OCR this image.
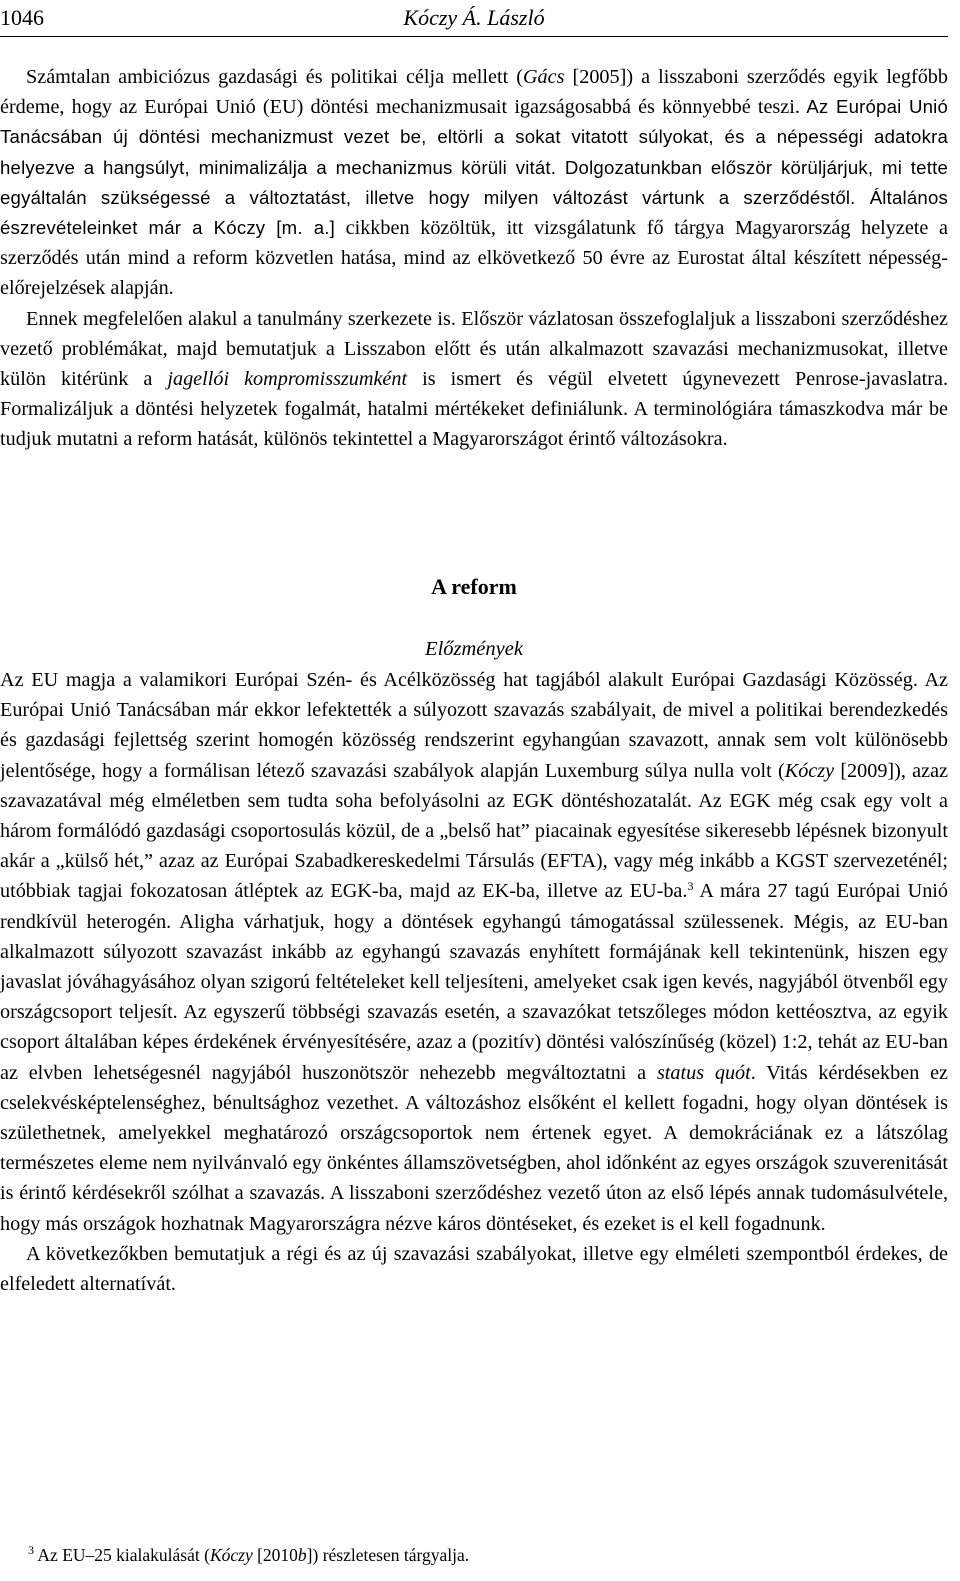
1046	Kóczy Á. László

Számtalan ambiciózus gazdasági és politikai célja mellett (Gács [2005]) a lisszaboni szerződés egyik legfőbb érdeme, hogy az Európai Unió (EU) döntési mechanizmusait igazságosabbá és könnyebbé teszi. Az Európai Unió Tanácsában új döntési mechanizmust vezet be, eltörli a sokat vitatott súlyokat, és a népességi adatokra helyezve a hangsúlyt, minimalizálja a mechanizmus körüli vitát. Dolgozatunkban először körüljárjuk, mi tette egyáltalán szükségessé a változtatást, illetve hogy milyen változást vártunk a szerződéstől. Általános észrevételeinket már a Kóczy [m. a.] cikkben közöltük, itt vizsgálatunk fő tárgya Magyarország helyzete a szerződés után mind a reform közvetlen hatása, mind az elkövetkező 50 évre az Eurostat által készített népesség-előrejelzések alapján.

Ennek megfelelően alakul a tanulmány szerkezete is. Először vázlatosan összefoglaljuk a lisszaboni szerződéshez vezető problémákat, majd bemutatjuk a Lisszabon előtt és után alkalmazott szavazási mechanizmusokat, illetve külön kitérünk a jagellói kompromisszumként is ismert és végül elvetett úgynevezett Penrose-javaslatra. Formalizáljuk a döntési helyzetek fogalmát, hatalmi mértékeket definiálunk. A terminológiára támaszkodva már be tudjuk mutatni a reform hatását, különös tekintettel a Magyarországot érintő változásokra.

A reform
Előzmények

Az EU magja a valamikori Európai Szén- és Acélközösség hat tagjából alakult Európai Gazdasági Közösség. Az Európai Unió Tanácsában már ekkor lefektették a súlyozott szavazás szabályait, de mivel a politikai berendezkedés és gazdasági fejlettség szerint homogén közösség rendszerint egyhangúan szavazott, annak sem volt különösebb jelentősége, hogy a formálisan létező szavazási szabályok alapján Luxemburg súlya nulla volt (Kóczy [2009]), azaz szavazatával még elméletben sem tudta soha befolyásolni az EGK döntéshozatalát. Az EGK még csak egy volt a három formálódó gazdasági csoportosulás közül, de a „belső hat” piacainak egyesítése sikeresebb lépésnek bizonyult akár a „külső hét,” azaz az Európai Szabadkereskedelmi Társulás (EFTA), vagy még inkább a KGST szervezeténél; utóbbiak tagjai fokozatosan átléptek az EGK-ba, majd az EK-ba, illetve az EU-ba.$^3$ A mára 27 tagú Európai Unió rendkívül heterogén. Aligha várhatjuk, hogy a döntések egyhangú támogatással szülessenek. Mégis, az EU-ban alkalmazott súlyozott szavazást inkább az egyhangú szavazás enyhített formájának kell tekintenünk, hiszen egy javaslat jóváhagyásához olyan szigorú feltételeket kell teljesíteni, amelyeket csak igen kevés, nagyjából ötvenből egy országcsoport teljesít. Az egyszerű többségi szavazás esetén, a szavazókat tetszőleges módon kettéosztva, az egyik csoport általában képes érdekének érvényesítésére, azaz a (pozitív) döntési valószínűség (közel) 1:2, tehát az EU-ban az elvben lehetségesnél nagyjából huszonötször nehezebb megváltoztatni a status quót. Vitás kérdésekben ez cselekvésképtelenséghez, bénultsághoz vezethet. A változáshoz elsőként el kellett fogadni, hogy olyan döntések is születhetnek, amelyekkel meghatározó országcsoportok nem értenek egyet. A demokráciának ez a látszólag természetes eleme nem nyilvánvaló egy önkéntes államszövetségben, ahol időnként az egyes országok szuverenitását is érintő kérdésekről szólhat a szavazás. A lisszaboni szerződéshez vezető úton az első lépés annak tudomásulvétele, hogy más országok hozhatnak Magyarországra nézve káros döntéseket, és ezeket is el kell fogadnunk.

A következőkben bemutatjuk a régi és az új szavazási szabályokat, illetve egy elméleti szempontból érdekes, de elfeledett alternatívát.

$^3$ Az EU–25 kialakulását (Kóczy [2010b]) részletesen tárgyalja.
